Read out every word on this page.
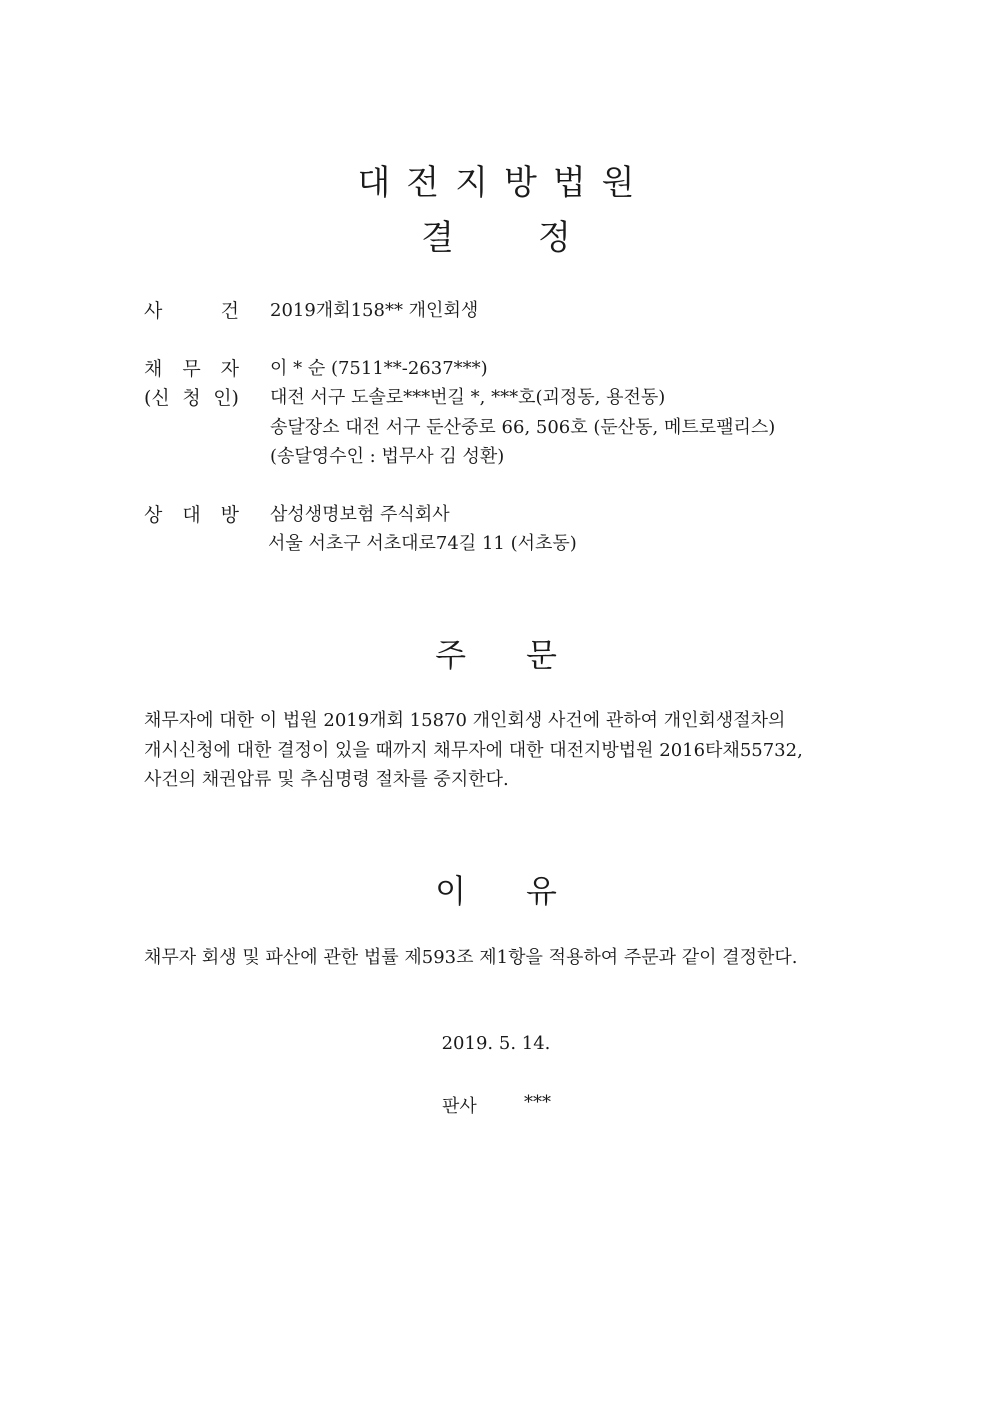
대전지방법원
결정
사	건 2019개회158** 개인회생
채 무 자 이 * 순 (7511**-2637***)
(신 청 인) 대전 서구 도솔로***번길 *, ***호(괴정동, 용전동)
송달장소 대전 서구 둔산중로 66, 506호 (둔산동, 메트로팰리스)
(송달영수인 : 법무사 김 성환)
상 대 방 삼성생명보험 주식회사
서울 서초구 서초대로74길 11 (서초동)
주문
채무자에 대한 이 법원 2019개회 15870 개인회생 사건에 관하여 개인회생절차의
개시신청에 대한 결정이 있을 때까지 채무자에 대한 대전지방법원 2016타채55732,
사건의 채권압류 및 추심명령 절차를 중지한다.
이유
채무자 회생 및 파산에 관한 법률 제593조 제1항을 적용하여 주문과 같이 결정한다.
2019. 5. 14.
판사	***
